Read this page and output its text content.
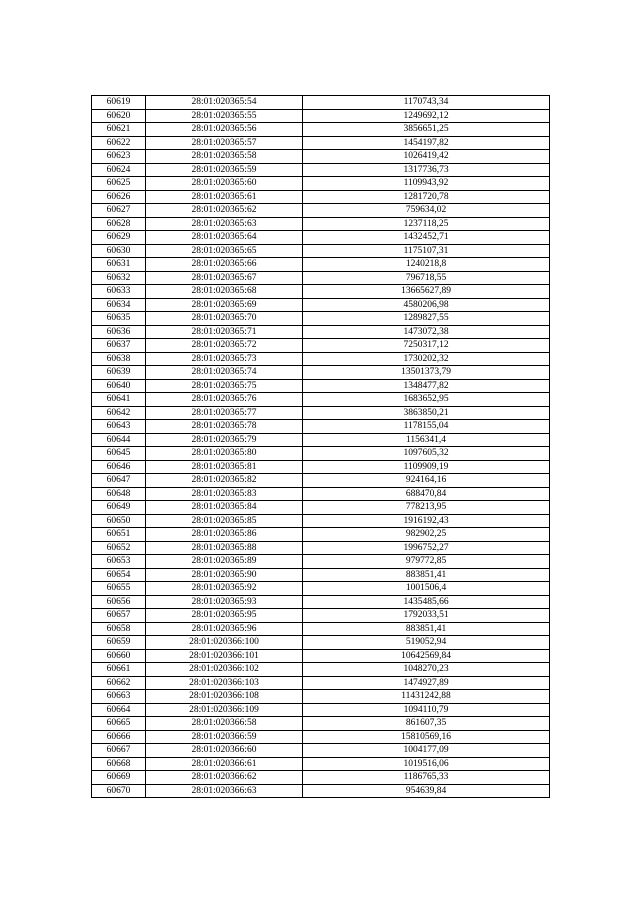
60619	28:01:020365:54	1170743,34
60620	28:01:020365:55	1249692,12
60621	28:01:020365:56	3856651,25
60622	28:01:020365:57	1454197,82
60623	28:01:020365:58	1026419,42
60624	28:01:020365:59	1317736,73
60625	28:01:020365:60	1109943,92
60626	28:01:020365:61	1281720,78
60627	28:01:020365:62	759634,02
60628	28:01:020365:63	1237118,25
60629	28:01:020365:64	1432452,71
60630	28:01:020365:65	1175107,31
60631	28:01:020365:66	1240218,8
60632	28:01:020365:67	796718,55
60633	28:01:020365:68	13665627,89
60634	28:01:020365:69	4580206,98
60635	28:01:020365:70	1289827,55
60636	28:01:020365:71	1473072,38
60637	28:01:020365:72	7250317,12
60638	28:01:020365:73	1730202,32
60639	28:01:020365:74	13501373,79
60640	28:01:020365:75	1348477,82
60641	28:01:020365:76	1683652,95
60642	28:01:020365:77	3863850,21
60643	28:01:020365:78	1178155,04
60644	28:01:020365:79	1156341,4
60645	28:01:020365:80	1097605,32
60646	28:01:020365:81	1109909,19
60647	28:01:020365:82	924164,16
60648	28:01:020365:83	688470,84
60649	28:01:020365:84	778213,95
60650	28:01:020365:85	1916192,43
60651	28:01:020365:86	982902,25
60652	28:01:020365:88	1996752,27
60653	28:01:020365:89	979772,85
60654	28:01:020365:90	883851,41
60655	28:01:020365:92	1001506,4
60656	28:01:020365:93	1435485,66
60657	28:01:020365:95	1792033,51
60658	28:01:020365:96	883851,41
60659	28:01:020366:100	519052,94
60660	28:01:020366:101	10642569,84
60661	28:01:020366:102	1048270,23
60662	28:01:020366:103	1474927,89
60663	28:01:020366:108	11431242,88
60664	28:01:020366:109	1094110,79
60665	28:01:020366:58	861607,35
60666	28:01:020366:59	15810569,16
60667	28:01:020366:60	1004177,09
60668	28:01:020366:61	1019516,06
60669	28:01:020366:62	1186765,33
60670	28:01:020366:63	954639,84
